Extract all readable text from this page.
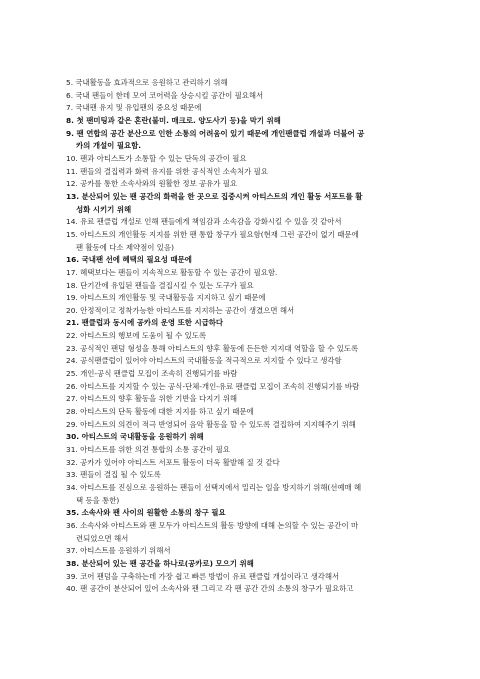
5. 국내활동을 효과적으로 응원하고 관리하기 위해
6. 국내 팬들이 한데 모여 코어력을 상승시킬 공간이 필요해서
7. 국내팬 유지 및 유입팬의 중요성 때문에
8. 첫 팬미팅과 같은 혼란(불미. 매크로. 양도사기 등)을 막기 위해
9. 팬 연합의 공간 분산으로 인한 소통의 어려움이 있기 때문에 개인팬클럽 개설과 더불어 공
카의 개설이 필요함.
10. 팬과 아티스트가 소통할 수 있는 단독의 공간이 필요
11. 팬들의 결집력과 화력 유지를 위한 공식적인 소속처가 필요
12. 공카를 통한 소속사와의 원활한 정보 공유가 필요
13. 분산되어 있는 팬 공간의 화력을 한 곳으로 집중시켜 아티스트의 개인 활동 서포트를 활
성화 시키기 위해
14. 유료 팬클럽 개설로 인해 팬들에게 책임감과 소속감을 강화시킬 수 있을 것 같아서
15. 아티스트의 개인활동 지지를 위한 팬 통합 창구가 필요함(현재 그런 공간이 없기 때문에
팬 활동에 다소 제약점이 있음)
16. 국내팬 선에 혜택의 필요성 때문에
17. 혜택보다는 팬들이 지속적으로 활동할 수 있는 공간이 필요함.
18. 단기간에 유입된 팬들을 결집시킬 수 있는 도구가 필요
19. 아티스트의 개인활동 및 국내활동을 지지하고 싶기 때문에
20. 안정적이고 정착가능한 아티스트를 지지하는 공간이 생겼으면 해서
21. 팬클럽과 동시에 공카의 운영 또한 시급하다
22. 아티스트의 행보에 도움이 될 수 있도록
23. 공식적인 팬덤 형성을 통해 아티스트의 향후 활동에 든든한 지지대 역할을 할 수 있도록
24. 공식팬클럽이 있어야 아티스트의 국내활동을 적극적으로 지지할 수 있다고 생각함
25. 개인-공식 팬클럽 모집이 조속히 진행되기를 바람
26. 아티스트를 지지할 수 있는 공식-단체-개인-유료 팬클럽 모집이 조속히 진행되기를 바람
27. 아티스트의 향후 활동을 위한 기반을 다지기 위해
28. 아티스트의 단독 활동에 대한 지지를 하고 싶기 때문에
29. 아티스트의 의견이 적극 반영되어 음악 활동을 할 수 있도록 결집하여 지지해주기 위해
30. 아티스트의 국내활동을 응원하기 위해
31. 아티스트를 위한 의견 통합의 소통 공간이 필요
32. 공카가 있어야 아티스트 서포트 활동이 더욱 활발해 질 것 같다
33. 팬들이 결집 될 수 있도록
34. 아티스트를 진심으로 응원하는 팬들이 선택지에서 밀리는 일을 방지하기 위해(선예매 혜
택 등을 통한)
35. 소속사와 팬 사이의 원활한 소통의 창구 필요
36. 소속사와 아티스트와 팬 모두가 아티스트의 활동 방향에 대해 논의할 수 있는 공간이 마
련되었으면 해서
37. 아티스트를 응원하기 위해서
38. 분산되어 있는 팬 공간을 하나로(공카로) 모으기 위해
39. 코어 팬덤을 구축하는데 가장 쉽고 빠른 방법이 유료 팬클럽 개설이라고 생각해서
40. 팬 공간이 분산되어 있어 소속사와 팬 그리고 각 팬 공간 간의 소통의 창구가 필요하고
